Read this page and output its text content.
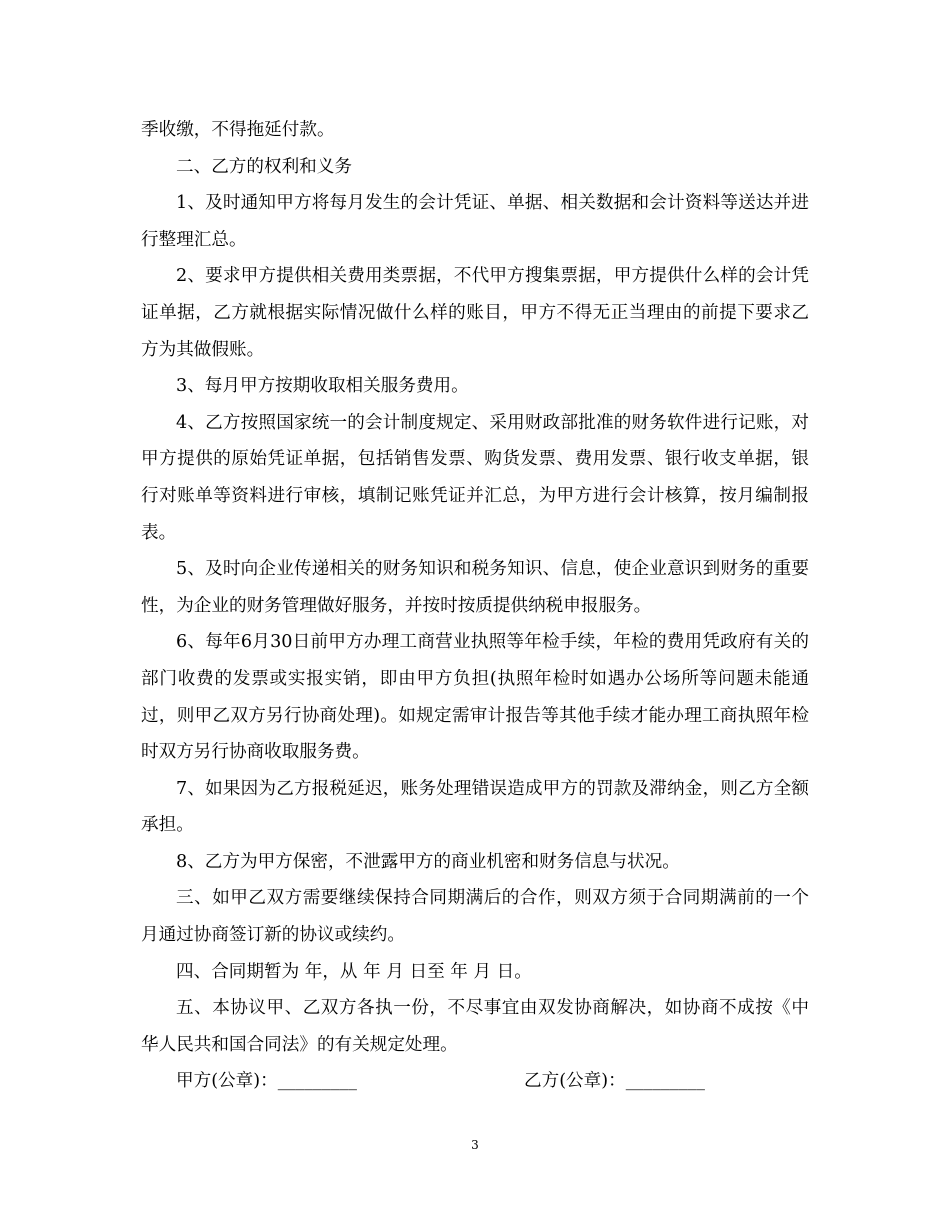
季收缴，不得拖延付款。

二、乙方的权利和义务

1、及时通知甲方将每月发生的会计凭证、单据、相关数据和会计资料等送达并进行整理汇总。

2、要求甲方提供相关费用类票据，不代甲方搜集票据，甲方提供什么样的会计凭证单据，乙方就根据实际情况做什么样的账目，甲方不得无正当理由的前提下要求乙方为其做假账。

3、每月甲方按期收取相关服务费用。

4、乙方按照国家统一的会计制度规定、采用财政部批准的财务软件进行记账，对甲方提供的原始凭证单据，包括销售发票、购货发票、费用发票、银行收支单据，银行对账单等资料进行审核，填制记账凭证并汇总，为甲方进行会计核算，按月编制报表。

5、及时向企业传递相关的财务知识和税务知识、信息，使企业意识到财务的重要性，为企业的财务管理做好服务，并按时按质提供纳税申报服务。

6、每年6月30日前甲方办理工商营业执照等年检手续，年检的费用凭政府有关的部门收费的发票或实报实销，即由甲方负担(执照年检时如遇办公场所等问题未能通过，则甲乙双方另行协商处理)。如规定需审计报告等其他手续才能办理工商执照年检时双方另行协商收取服务费。

7、如果因为乙方报税延迟，账务处理错误造成甲方的罚款及滞纳金，则乙方全额承担。

8、乙方为甲方保密，不泄露甲方的商业机密和财务信息与状况。

三、如甲乙双方需要继续保持合同期满后的合作，则双方须于合同期满前的一个月通过协商签订新的协议或续约。

四、合同期暂为 年，从 年 月 日至 年 月 日。

五、本协议甲、乙双方各执一份，不尽事宜由双发协商解决，如协商不成按《中华人民共和国合同法》的有关规定处理。

甲方(公章)：_________	乙方(公章)：_________
3
